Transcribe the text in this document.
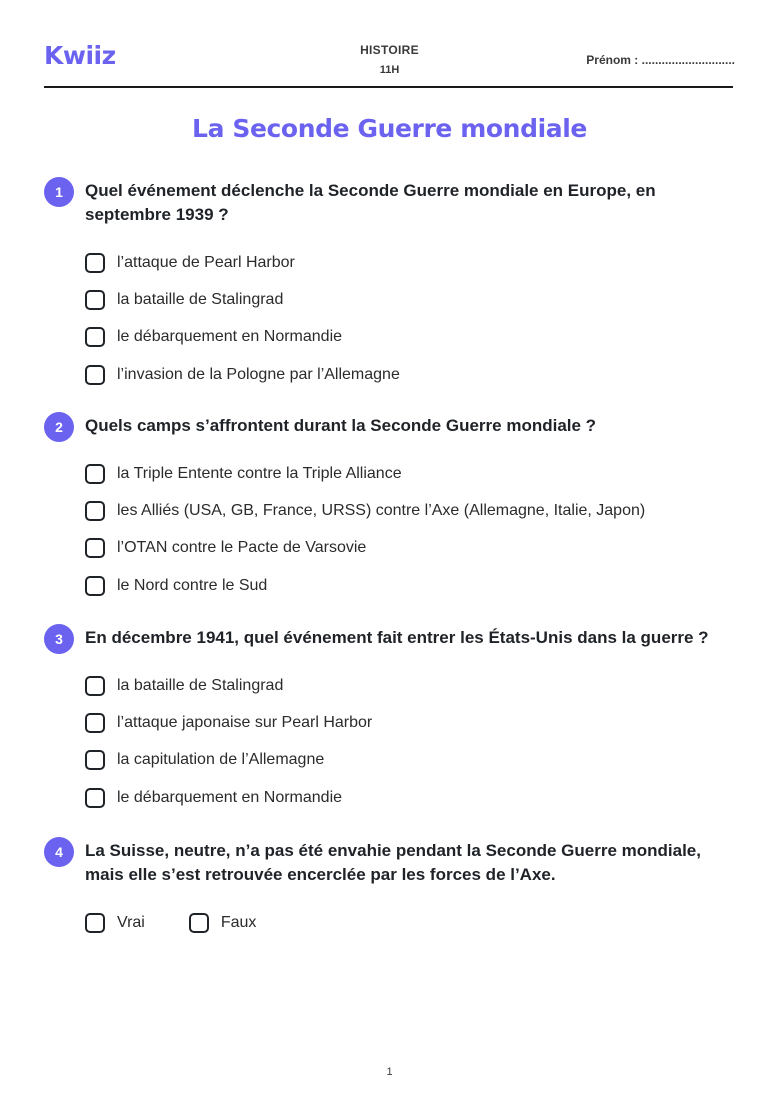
Kwiiz	HISTOIRE
11H
Prénom : ............................
La Seconde Guerre mondiale
1	Quel événement déclenche la Seconde Guerre mondiale en Europe, en septembre 1939 ?
l’attaque de Pearl Harbor
la bataille de Stalingrad
le débarquement en Normandie
l’invasion de la Pologne par l’Allemagne
2	Quels camps s’affrontent durant la Seconde Guerre mondiale ?
la Triple Entente contre la Triple Alliance
les Alliés (USA, GB, France, URSS) contre l’Axe (Allemagne, Italie, Japon)
l’OTAN contre le Pacte de Varsovie
le Nord contre le Sud
3	En décembre 1941, quel événement fait entrer les États-Unis dans la guerre ?
la bataille de Stalingrad
l’attaque japonaise sur Pearl Harbor
la capitulation de l’Allemagne
le débarquement en Normandie
4	La Suisse, neutre, n’a pas été envahie pendant la Seconde Guerre mondiale, mais elle s’est retrouvée encerclée par les forces de l’Axe.
Vrai	Faux
1
